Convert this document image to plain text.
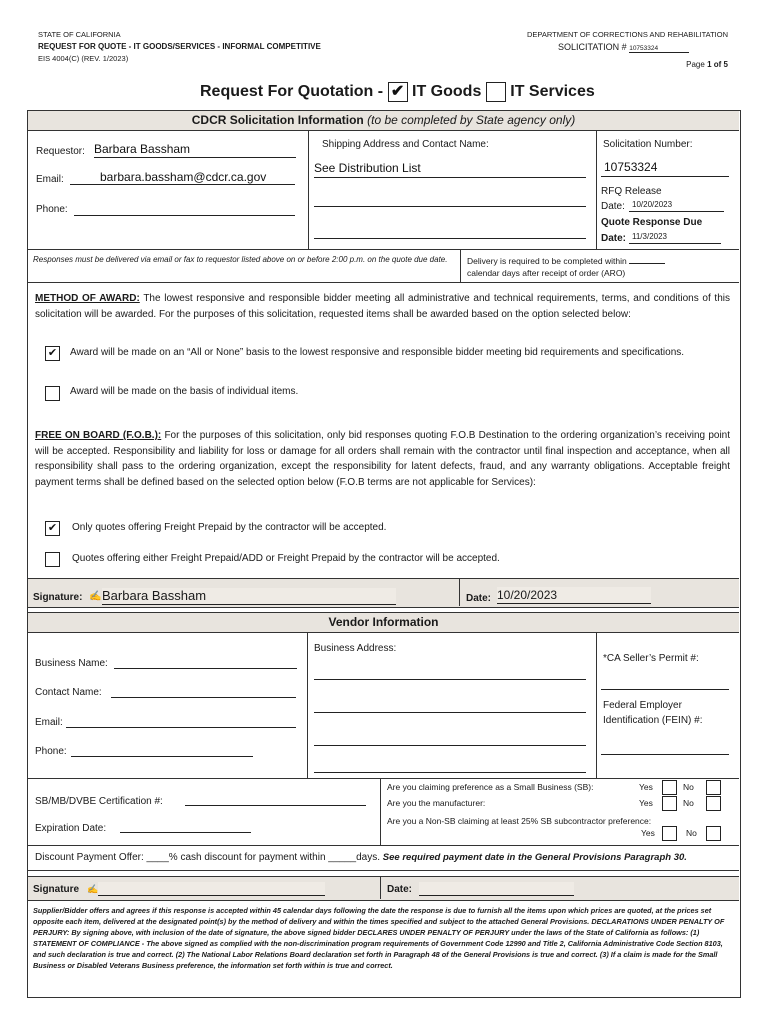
STATE OF CALIFORNIA
REQUEST FOR QUOTE - IT GOODS/SERVICES - INFORMAL COMPETITIVE
EIS 4004(C) (REV. 1/2023)
DEPARTMENT OF CORRECTIONS AND REHABILITATION
SOLICITATION # 10753324
Page 1 of 5
Request For Quotation - ✔ IT Goods IT Services
CDCR Solicitation Information (to be completed by State agency only)
Requestor: Barbara Bassham
Email:	barbara.bassham@cdcr.ca.gov
Phone:
Shipping Address and Contact Name:
See Distribution List
Solicitation Number:
10753324
RFQ Release
Date: 10/20/2023
Quote Response Due
Date: 11/3/2023
Responses must be delivered via email or fax to requestor listed above on or before 2:00 p.m. on the quote due date.	Delivery is required to be completed within
calendar days after receipt of order (ARO)
METHOD OF AWARD: The lowest responsive and responsible bidder meeting all administrative and technical requirements, terms, and conditions of this solicitation will be awarded. For the purposes of this solicitation, requested items shall be awarded based on the option selected below:
✔ Award will be made on an “All or None” basis to the lowest responsive and responsible bidder meeting bid requirements and specifications.
Award will be made on the basis of individual items.
FREE ON BOARD (F.O.B.): For the purposes of this solicitation, only bid responses quoting F.O.B Destination to the ordering organization’s receiving point will be accepted. Responsibility and liability for loss or damage for all orders shall remain with the contractor until final inspection and acceptance, when all responsibility shall pass to the ordering organization, except the responsibility for latent defects, fraud, and any warranty obligations. Acceptable freight payment terms shall be defined based on the selected option below (F.O.B terms are not applicable for Services):
✔ Only quotes offering Freight Prepaid by the contractor will be accepted.
Quotes offering either Freight Prepaid/ADD or Freight Prepaid by the contractor will be accepted.
Signature: ✍ Barbara Bassham	Date: 10/20/2023
Vendor Information
Business Name:
Contact Name:
Email:
Phone:
Business Address:
*CA Seller’s Permit #:
Federal Employer
Identification (FEIN) #:
SB/MB/DVBE Certification #:
Expiration Date:
Are you claiming preference as a Small Business (SB):	Yes	No
Are you the manufacturer:	Yes	No
Are you a Non-SB claiming at least 25% SB subcontractor preference:
Yes	No
Discount Payment Offer: ____% cash discount for payment within _____days. See required payment date in the General Provisions Paragraph 30.
Signature ✍	Date:
Supplier/Bidder offers and agrees if this response is accepted within 45 calendar days following the date the response is due to furnish all the items upon which prices are quoted, at the prices set opposite each item, delivered at the designated point(s) by the method of delivery and within the times specified and subject to the attached General Provisions. DECLARATIONS UNDER PENALTY OF PERJURY: By signing above, with inclusion of the date of signature, the above signed bidder DECLARES UNDER PENALTY OF PERJURY under the laws of the State of California as follows: (1) STATEMENT OF COMPLIANCE - The above signed as complied with the non-discrimination program requirements of Government Code 12990 and Title 2, California Administrative Code Section 8103, and such declaration is true and correct. (2) The National Labor Relations Board declaration set forth in Paragraph 48 of the General Provisions is true and correct. (3) If a claim is made for the Small Business or Disabled Veterans Business preference, the information set forth within is true and correct.
